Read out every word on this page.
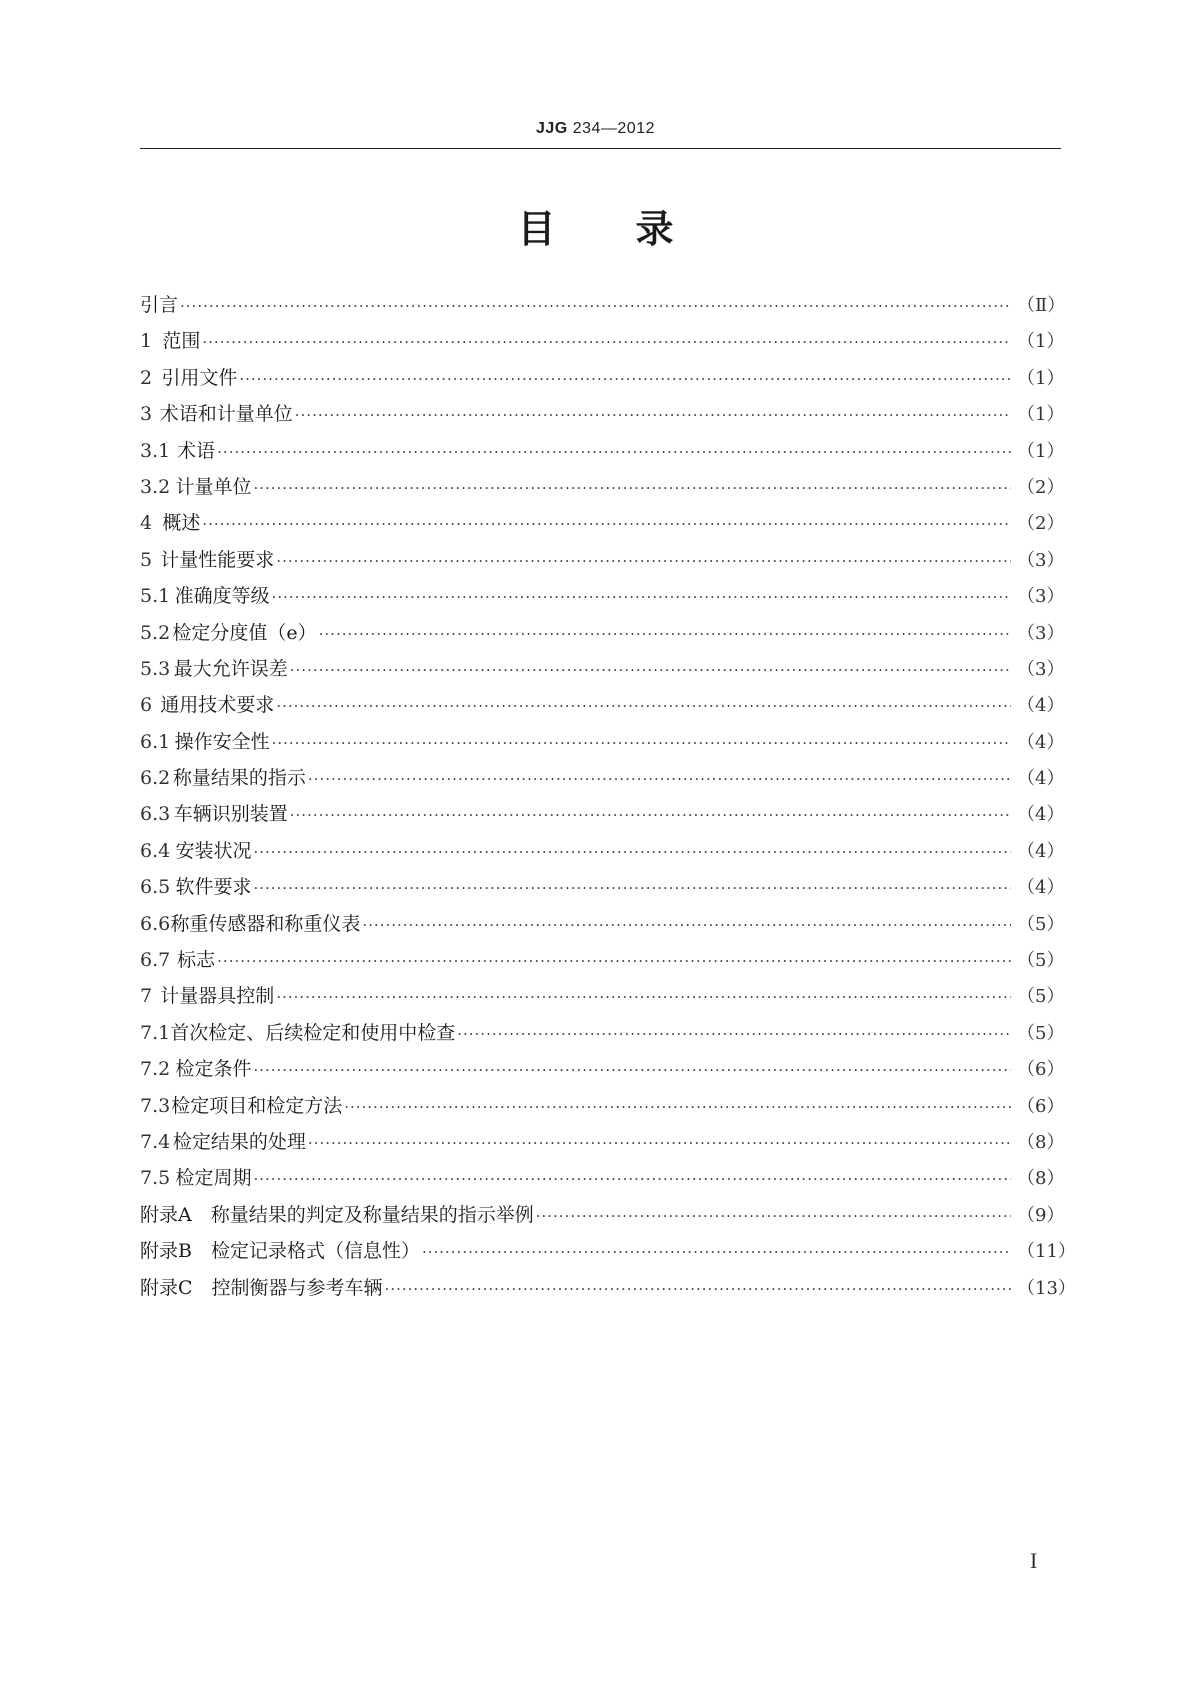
JJG 234—2012
目录
引言 ·····	（Ⅱ）
1 范围 ·····	（1）
2 引用文件 ·····	（1）
3 术语和计量单位 ·····	（1）
3.1 术语 ·····	（1）
3.2 计量单位 ·····	（2）
4 概述 ·····	（2）
5 计量性能要求 ·····	（3）
5.1 准确度等级 ·····	（3）
5.2 检定分度值（e） ·····	（3）
5.3 最大允许误差 ·····	（3）
6 通用技术要求 ·····	（4）
6.1 操作安全性 ·····	（4）
6.2 称量结果的指示 ·····	（4）
6.3 车辆识别装置 ·····	（4）
6.4 安装状况 ·····	（4）
6.5 软件要求 ·····	（4）
6.6 称重传感器和称重仪表 ·····	（5）
6.7 标志 ·····	（5）
7 计量器具控制 ·····	（5）
7.1 首次检定、后续检定和使用中检查 ·····	（5）
7.2 检定条件 ·····	（6）
7.3 检定项目和检定方法 ·····	（6）
7.4 检定结果的处理 ·····	（8）
7.5 检定周期 ·····	（8）
附录A　称量结果的判定及称量结果的指示举例 ·····	（9）
附录B　检定记录格式（信息性） ·····	（11）
附录C　控制衡器与参考车辆 ·····	（13）
I
